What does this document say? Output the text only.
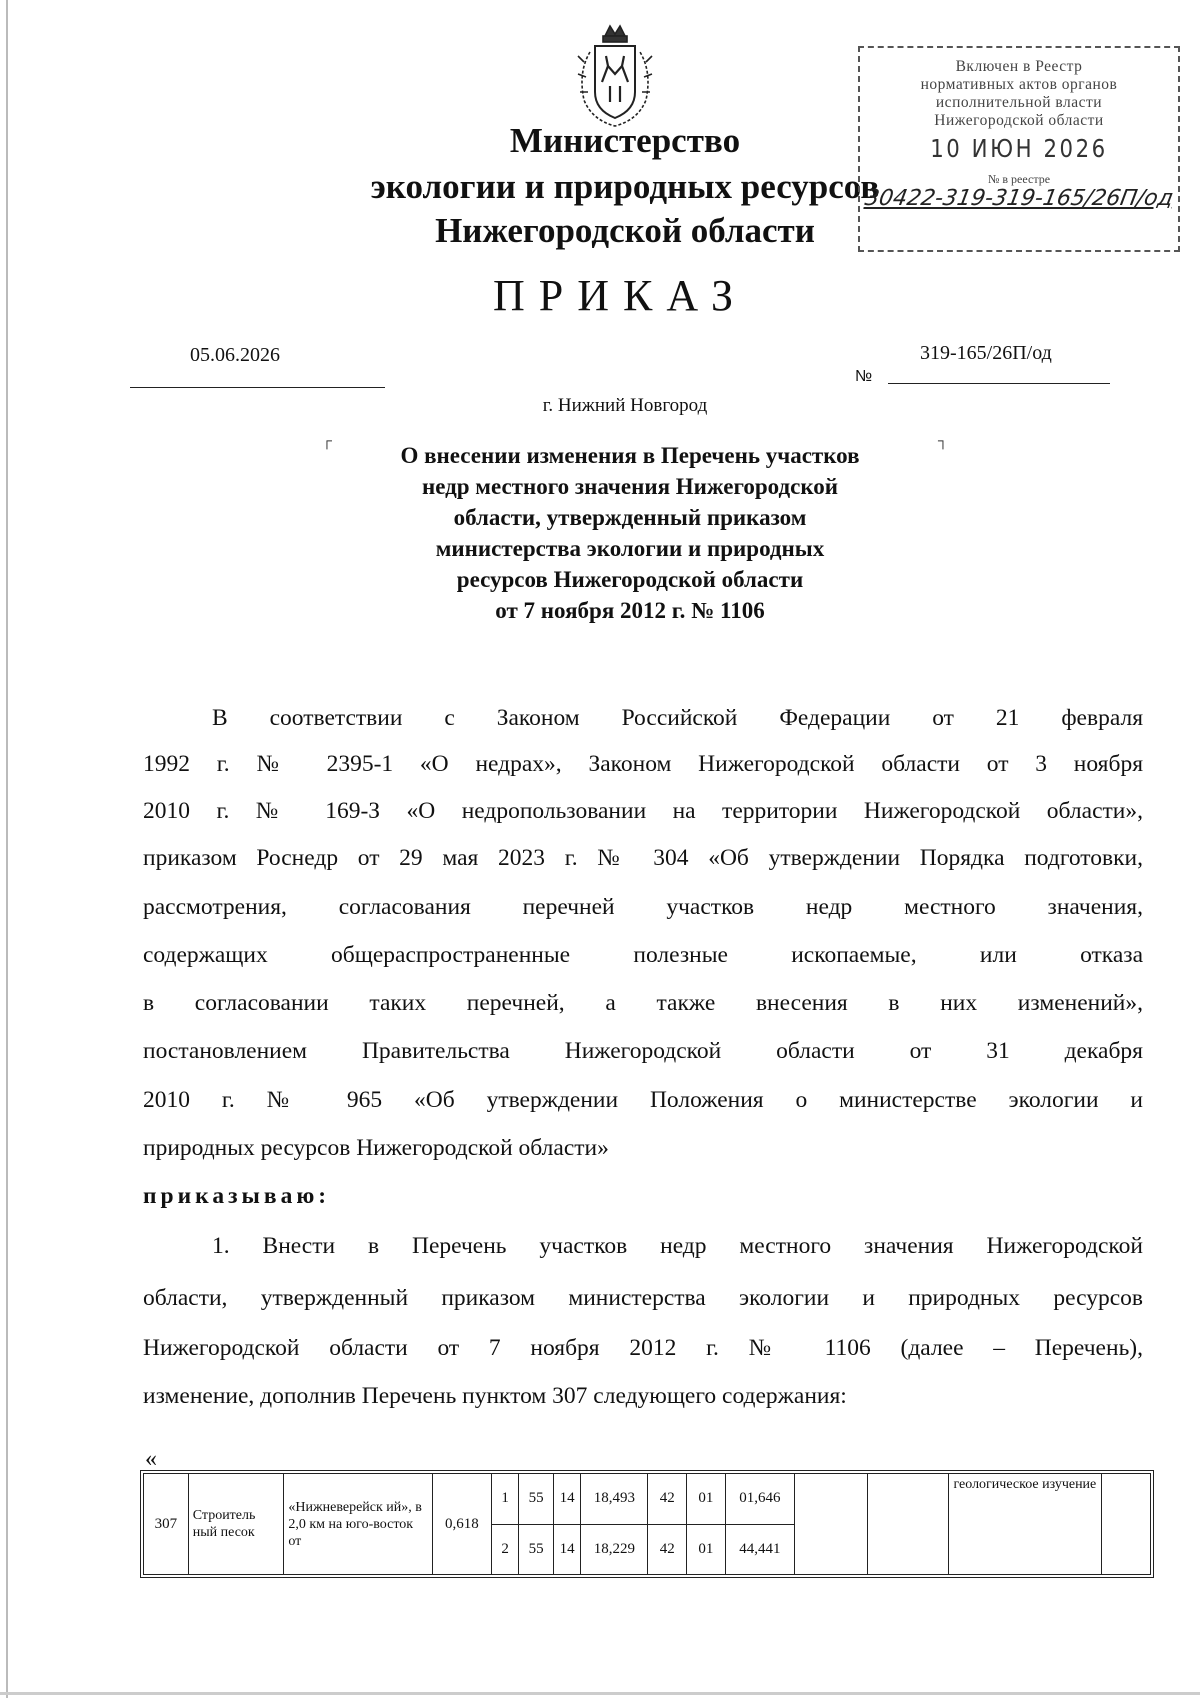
Министерство
экологии и природных ресурсов
Нижегородской области
ПРИКАЗ
Включен в Реестр
нормативных актов органов
исполнительной власти
Нижегородской области
10 ИЮН 2026
№ в реестре
30422-319-319-165/26П/од
05.06.2026
№
319-165/26П/од
г. Нижний Новгород
┌	┐
О внесении изменения в Перечень участков
недр местного значения Нижегородской
области, утвержденный приказом
министерства экологии и природных
ресурсов Нижегородской области
от 7 ноября 2012 г. № 1106
В соответствии с Законом Российской Федерации от 21 февраля
1992 г. № 2395-1 «О недрах», Законом Нижегородской области от 3 ноября
2010 г. № 169-З «О недропользовании на территории Нижегородской области»,
приказом Роснедр от 29 мая 2023 г. № 304 «Об утверждении Порядка подготовки,
рассмотрения, согласования перечней участков недр местного значения,
содержащих общераспространенные полезные ископаемые, или отказа
в согласовании таких перечней, а также внесения в них изменений»,
постановлением Правительства Нижегородской области от 31 декабря
2010 г. № 965 «Об утверждении Положения о министерстве экологии и
природных ресурсов Нижегородской области»
приказываю:
1. Внести в Перечень участков недр местного значения Нижегородской
области, утвержденный приказом министерства экологии и природных ресурсов
Нижегородской области от 7 ноября 2012 г. № 1106 (далее – Перечень),
изменение, дополнив Перечень пунктом 307 следующего содержания:
«
307	Строитель ный песок	«Нижневерейск ий», в 2,0 км на юго-восток от	0,618	1	55	14	18,493	42	01	01,646			геологическое изучение	
				2	55	14	18,229	42	01	44,441				
